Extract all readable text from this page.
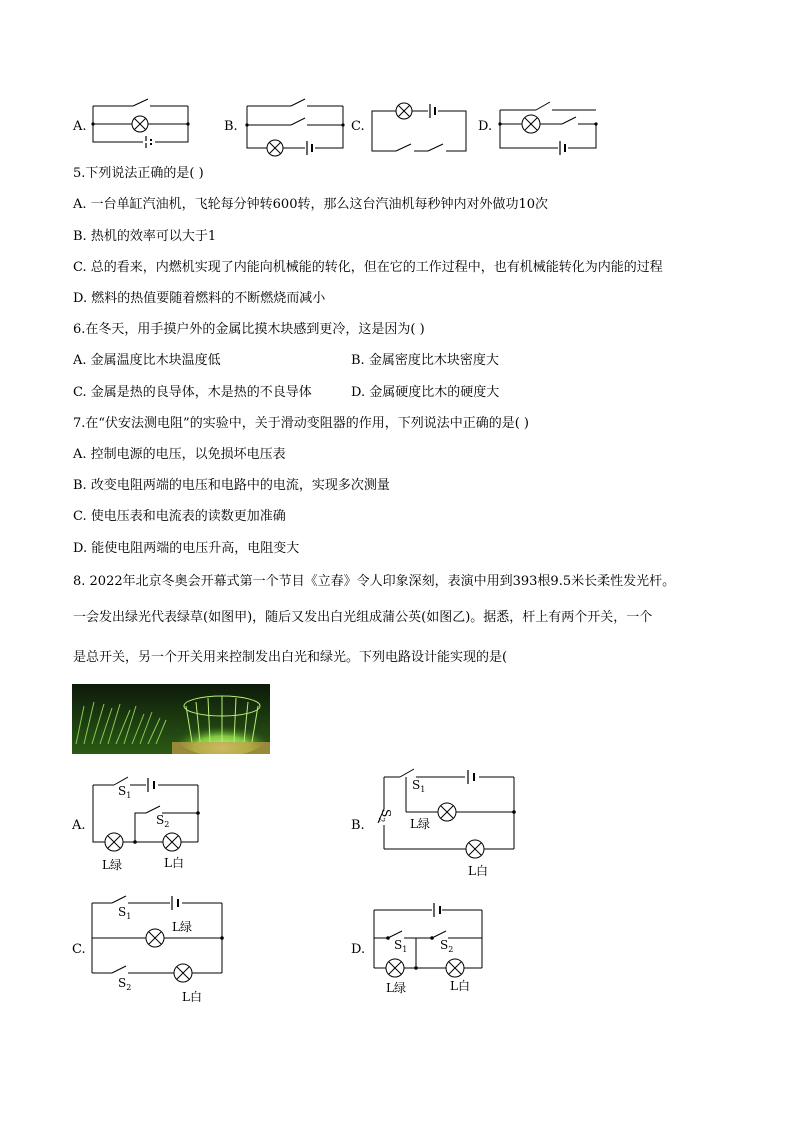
A.	B.	C.	D.
5.下列说法正确的是( )
A. 一台单缸汽油机，飞轮每分钟转600转，那么这台汽油机每秒钟内对外做功10次
B. 热机的效率可以大于1
C. 总的看来，内燃机实现了内能向机械能的转化，但在它的工作过程中，也有机械能转化为内能的过程
D. 燃料的热值要随着燃料的不断燃烧而减小
6.在冬天，用手摸户外的金属比摸木块感到更冷，这是因为( )
A. 金属温度比木块温度低	B. 金属密度比木块密度大
C. 金属是热的良导体，木是热的不良导体	D. 金属硬度比木的硬度大
7.在“伏安法测电阻”的实验中，关于滑动变阻器的作用，下列说法中正确的是( )
A. 控制电源的电压，以免损坏电压表
B. 改变电阻两端的电压和电路中的电流，实现多次测量
C. 使电压表和电流表的读数更加准确
D. 能使电阻两端的电压升高，电阻变大
8. 2022年北京冬奥会开幕式第一个节目《立春》令人印象深刻，表演中用到393根9.5米长柔性发光杆。
一会发出绿光代表绿草(如图甲)，随后又发出白光组成蒲公英(如图乙)。据悉，杆上有两个开关，一个
是总开关，另一个开关用来控制发出白光和绿光。下列电路设计能实现的是(
A.
$S_1$
$S_2$
L绿	L白
B.
$S_1$
$S_2$	L绿
L白
C.
$S_1$
L绿
$S_2$
L白
D. $S_1$	$S_2$
L绿	L白
